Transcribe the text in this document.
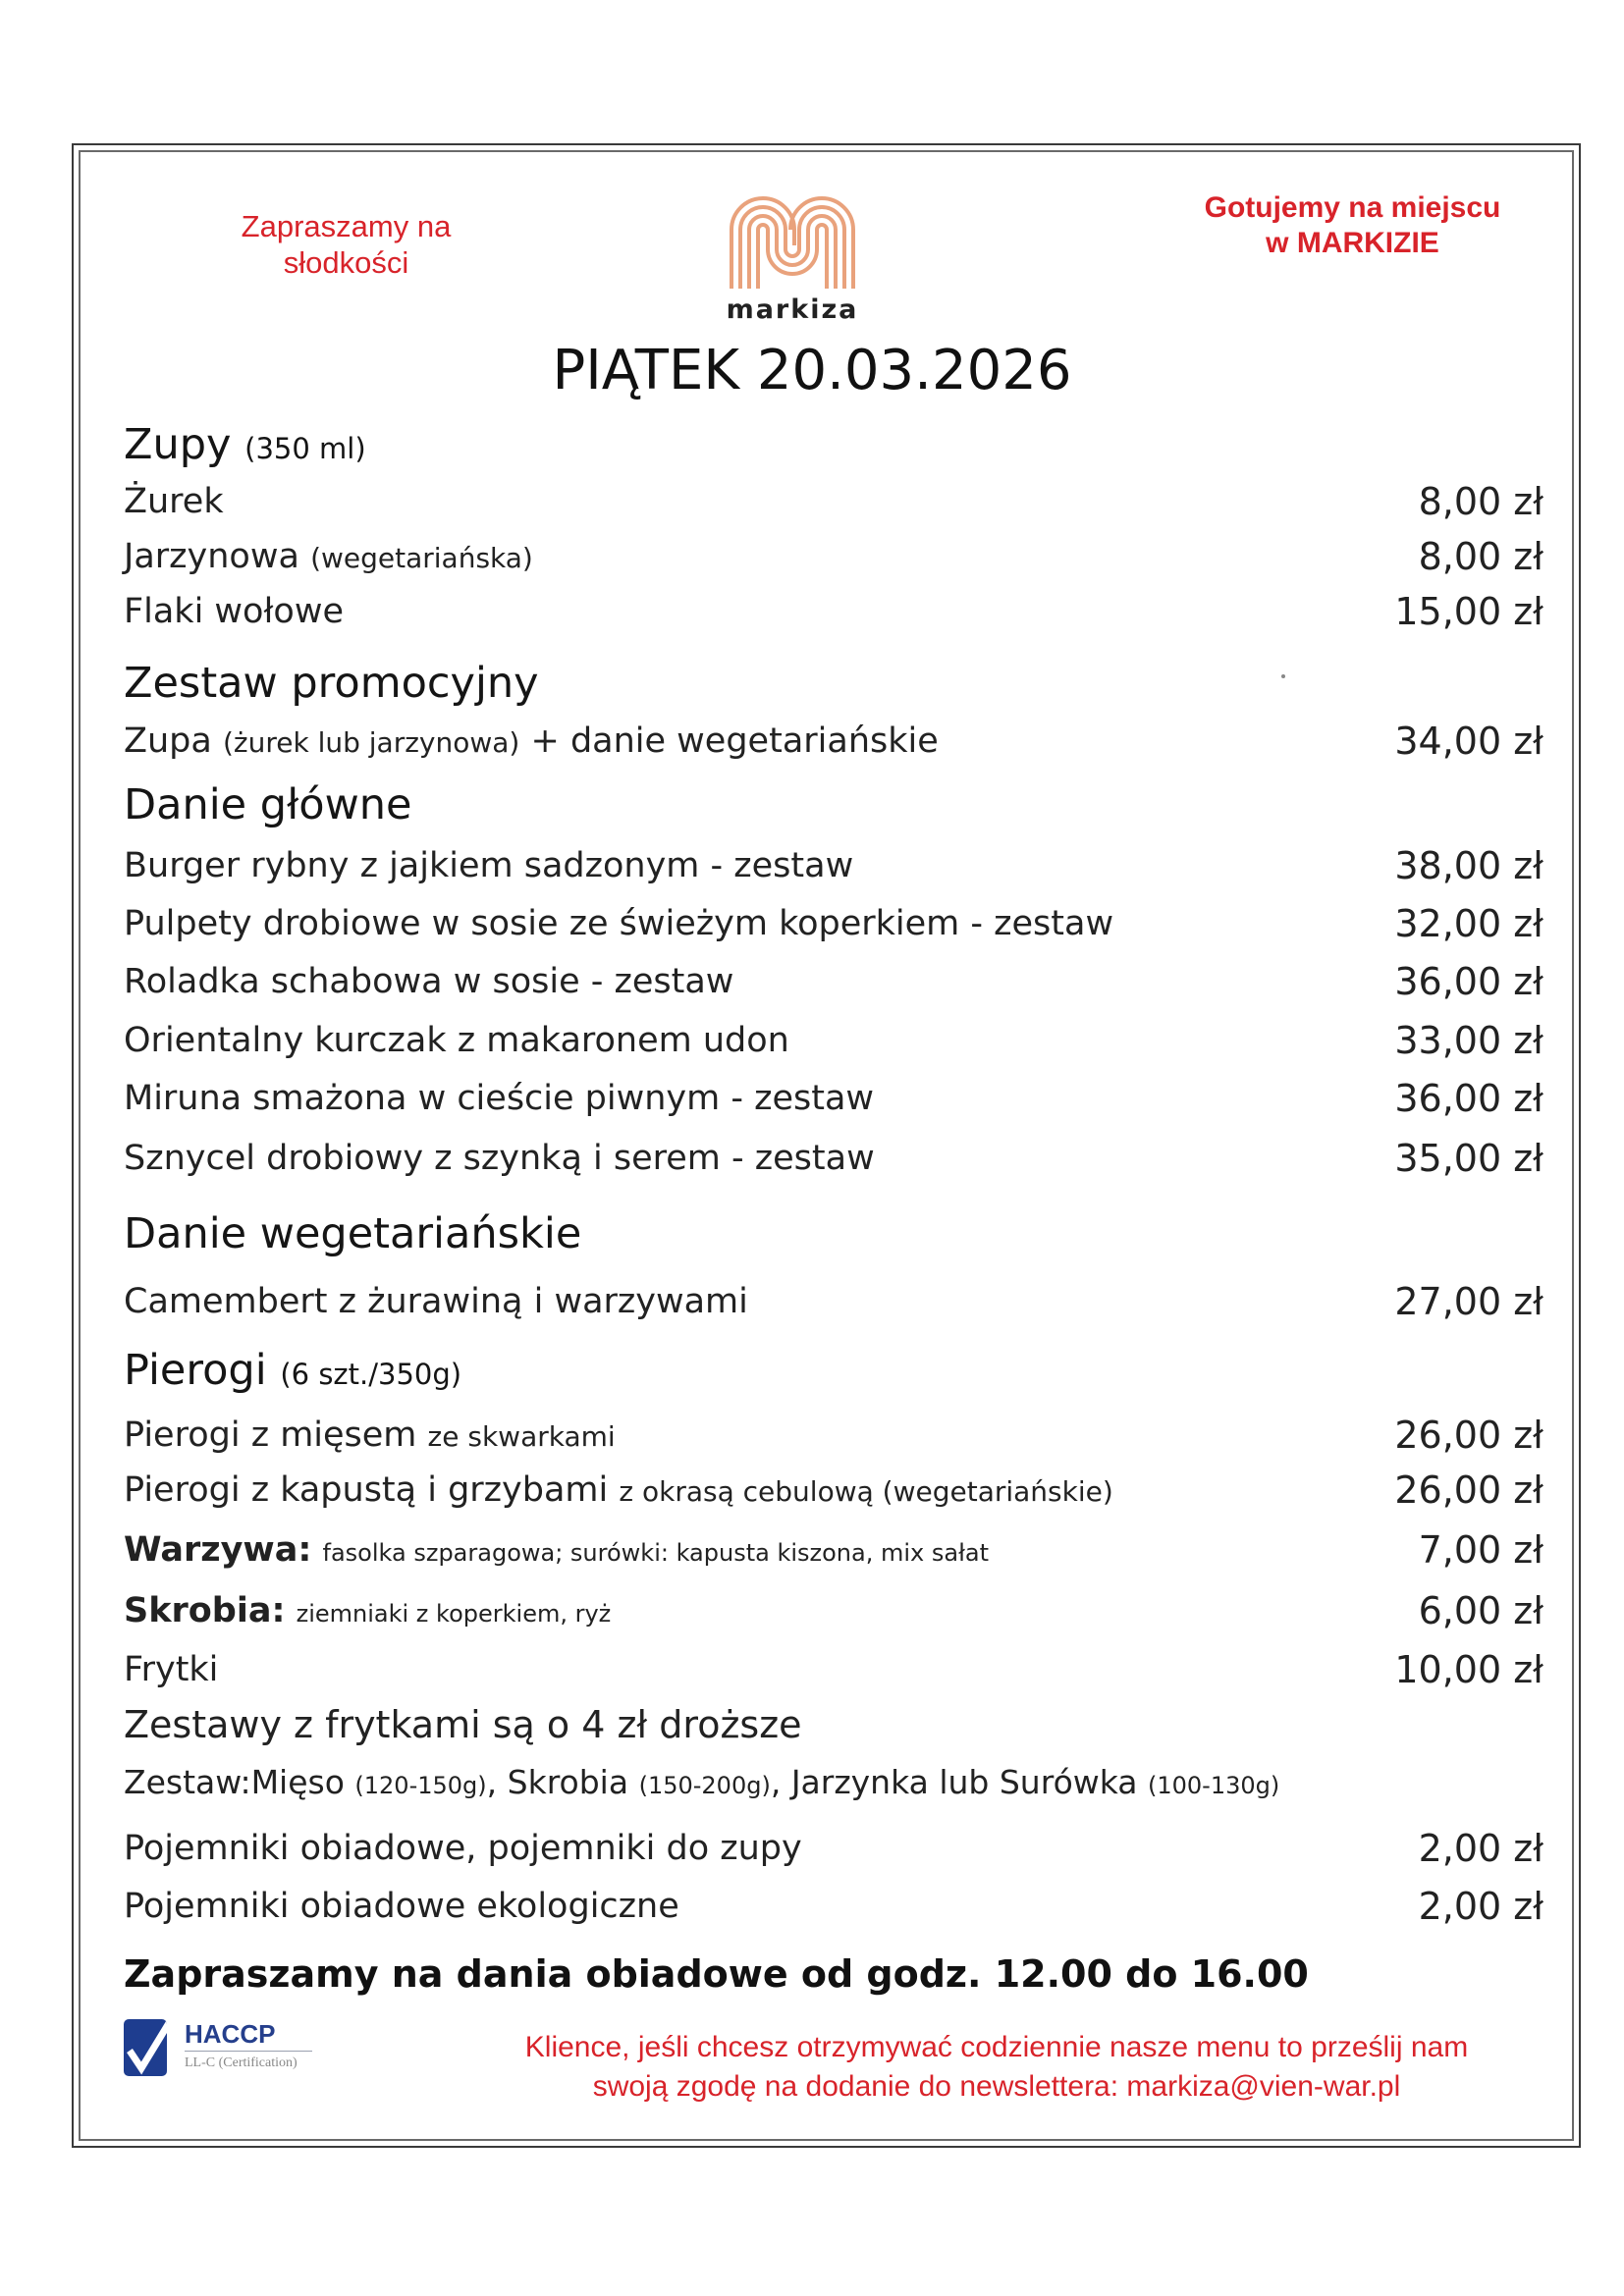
Zapraszamy na
słodkości
Gotujemy na miejscu
w MARKIZIE
markiza
PIĄTEK 20.03.2026
Zupy (350 ml)
Żurek	8,00 zł
Jarzynowa (wegetariańska)	8,00 zł
Flaki wołowe	15,00 zł
Zestaw promocyjny
Zupa (żurek lub jarzynowa) + danie wegetariańskie	34,00 zł
Danie główne
Burger rybny z jajkiem sadzonym - zestaw	38,00 zł
Pulpety drobiowe w sosie ze świeżym koperkiem - zestaw	32,00 zł
Roladka schabowa w sosie - zestaw	36,00 zł
Orientalny kurczak z makaronem udon	33,00 zł
Miruna smażona w cieście piwnym - zestaw	36,00 zł
Sznycel drobiowy z szynką i serem - zestaw	35,00 zł
Danie wegetariańskie
Camembert z żurawiną i warzywami	27,00 zł
Pierogi (6 szt./350g)
Pierogi z mięsem ze skwarkami	26,00 zł
Pierogi z kapustą i grzybami z okrasą cebulową (wegetariańskie)	26,00 zł
Warzywa: fasolka szparagowa; surówki: kapusta kiszona, mix sałat	7,00 zł
Skrobia: ziemniaki z koperkiem, ryż	6,00 zł
Frytki	10,00 zł
Zestawy z frytkami są o 4 zł droższe
Zestaw:Mięso (120-150g), Skrobia (150-200g), Jarzynka lub Surówka (100-130g)
Pojemniki obiadowe, pojemniki do zupy	2,00 zł
Pojemniki obiadowe ekologiczne	2,00 zł
Zapraszamy na dania obiadowe od godz. 12.00 do 16.00
HACCP
LL-C (Certification)	Klience, jeśli chcesz otrzymywać codziennie nasze menu to prześlij nam
swoją zgodę na dodanie do newslettera: markiza@vien-war.pl
